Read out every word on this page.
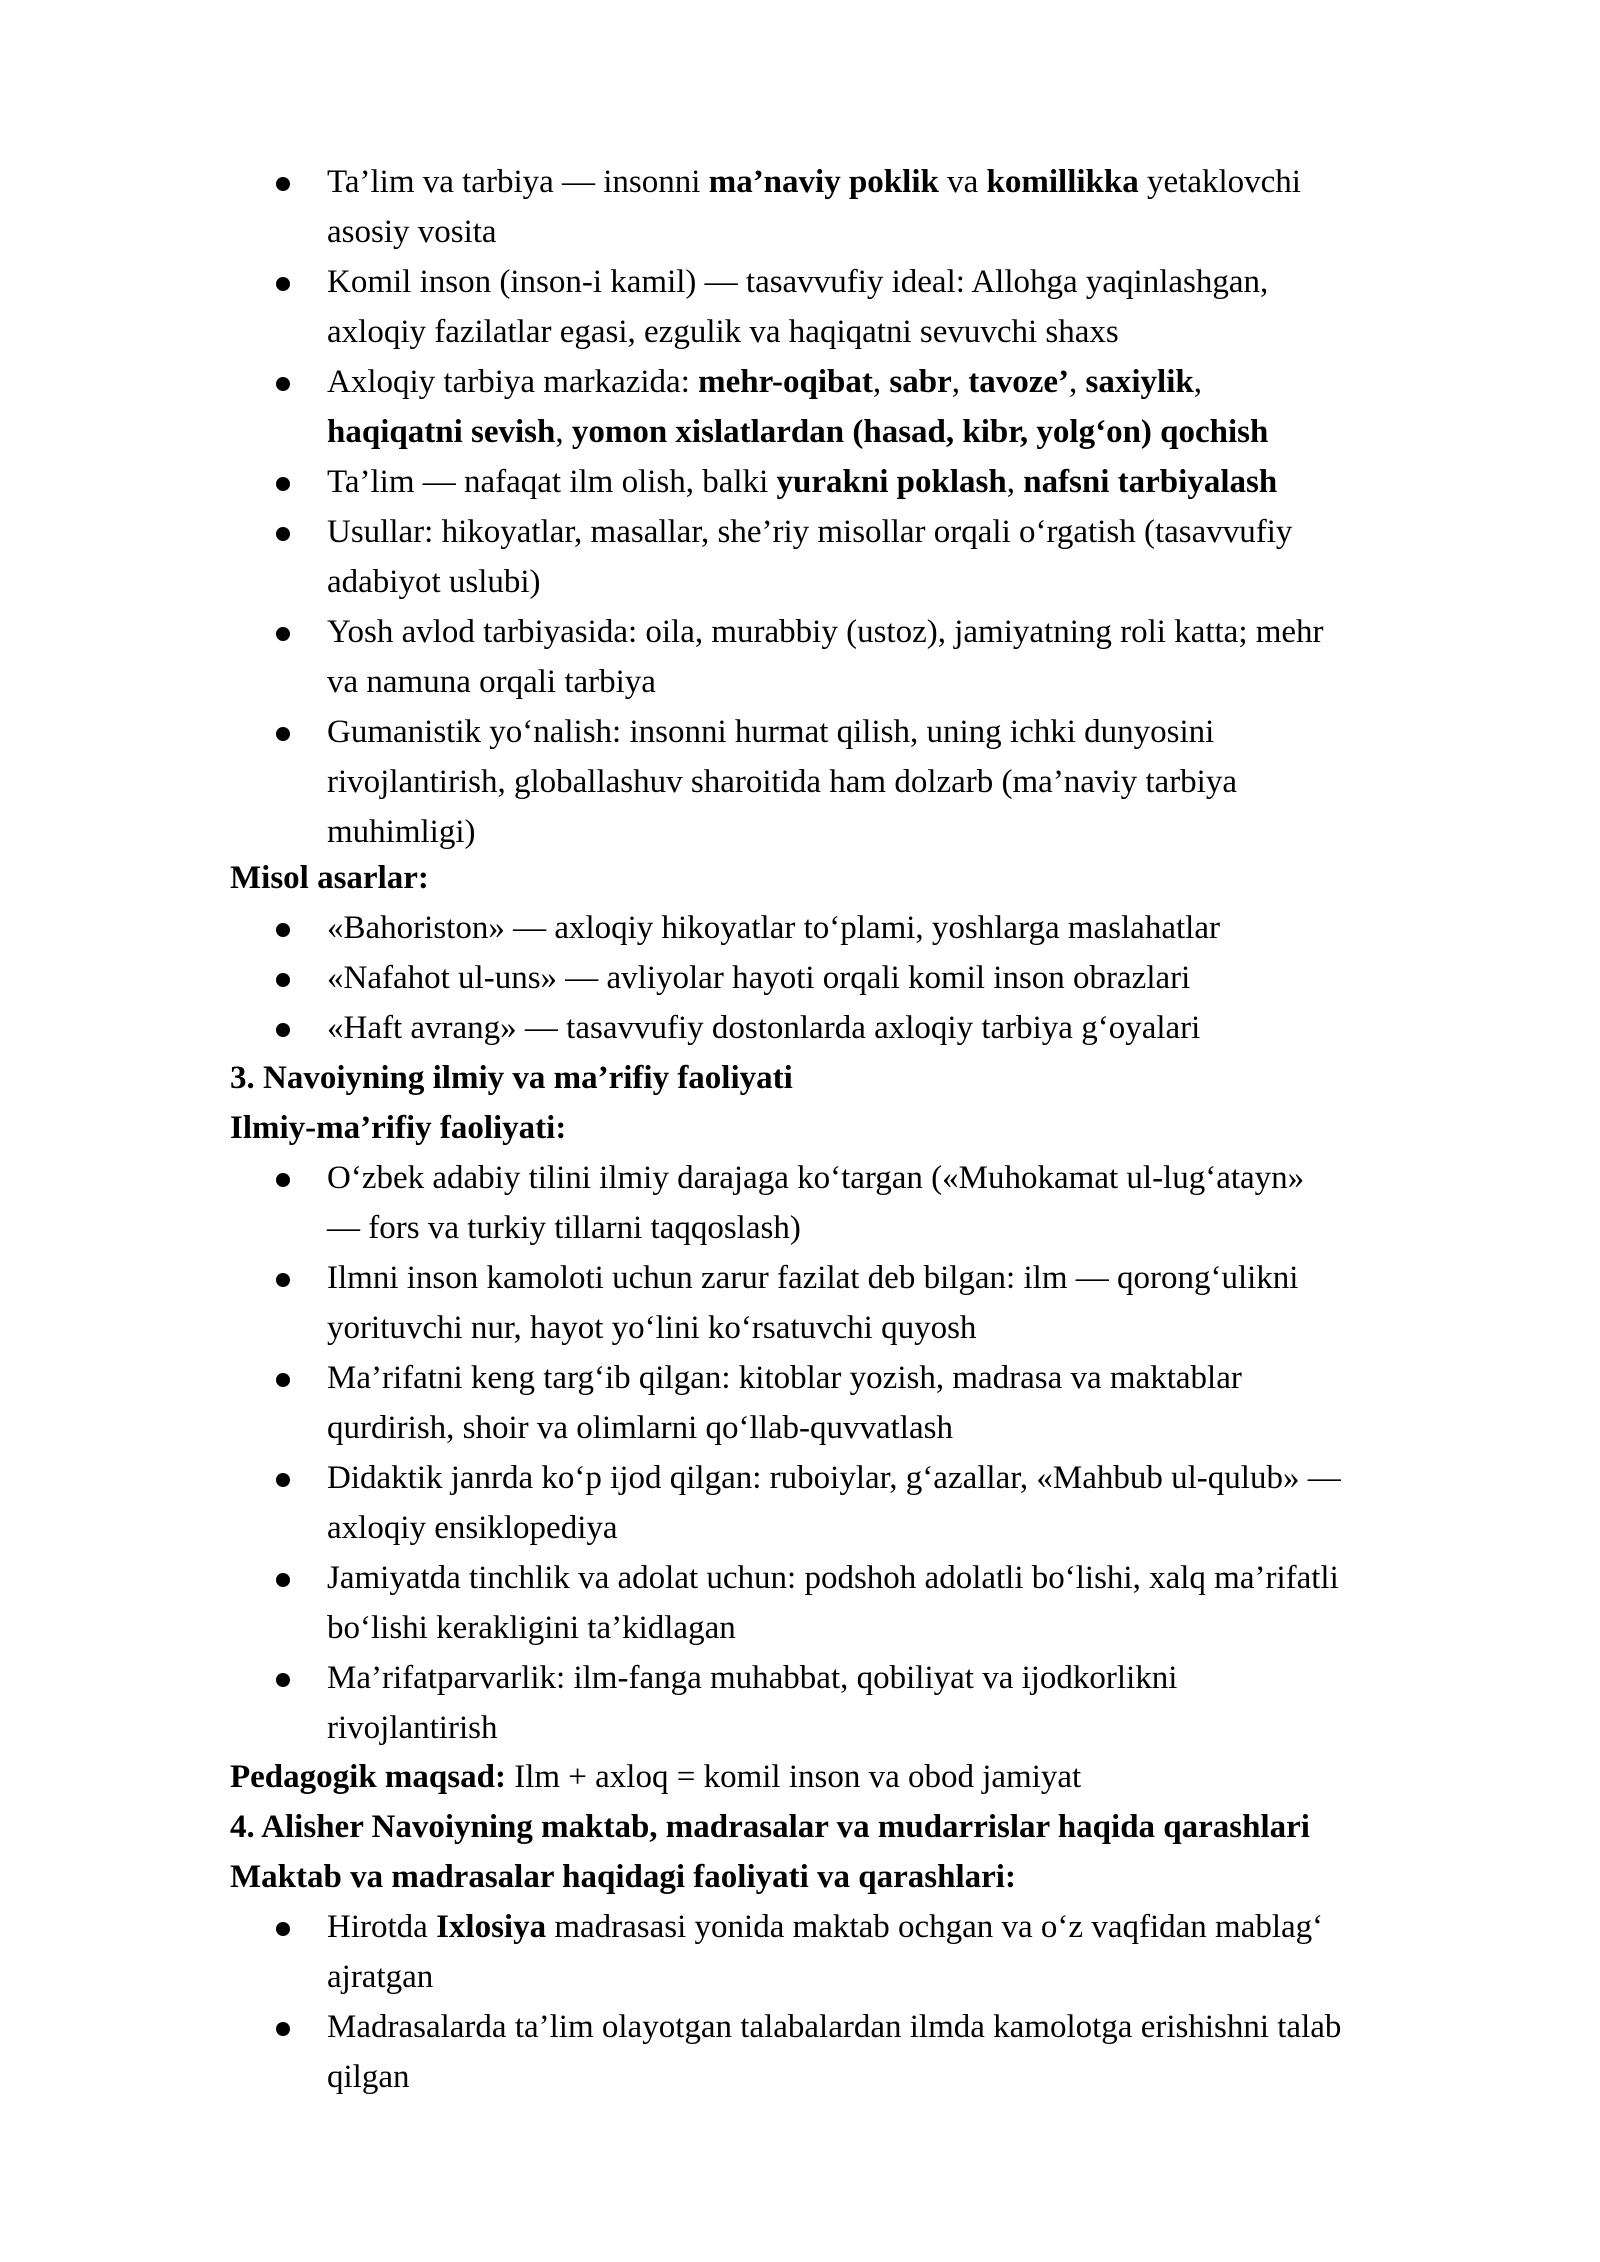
Ta’lim va tarbiya — insonni ma’naviy poklik va komillikka yetaklovchi
asosiy vosita
Komil inson (inson-i kamil) — tasavvufiy ideal: Allohga yaqinlashgan,
axloqiy fazilatlar egasi, ezgulik va haqiqatni sevuvchi shaxs
Axloqiy tarbiya markazida: mehr-oqibat, sabr, tavoze’, saxiylik,
haqiqatni sevish, yomon xislatlardan (hasad, kibr, yolg‘on) qochish
Ta’lim — nafaqat ilm olish, balki yurakni poklash, nafsni tarbiyalash
Usullar: hikoyatlar, masallar, she’riy misollar orqali o‘rgatish (tasavvufiy
adabiyot uslubi)
Yosh avlod tarbiyasida: oila, murabbiy (ustoz), jamiyatning roli katta; mehr
va namuna orqali tarbiya
Gumanistik yo‘nalish: insonni hurmat qilish, uning ichki dunyosini
rivojlantirish, globallashuv sharoitida ham dolzarb (ma’naviy tarbiya
muhimligi)
Misol asarlar:
«Bahoriston» — axloqiy hikoyatlar to‘plami, yoshlarga maslahatlar
«Nafahot ul-uns» — avliyolar hayoti orqali komil inson obrazlari
«Haft avrang» — tasavvufiy dostonlarda axloqiy tarbiya g‘oyalari
3. Navoiyning ilmiy va ma’rifiy faoliyati
Ilmiy-ma’rifiy faoliyati:
O‘zbek adabiy tilini ilmiy darajaga ko‘targan («Muhokamat ul-lug‘atayn»
— fors va turkiy tillarni taqqoslash)
Ilmni inson kamoloti uchun zarur fazilat deb bilgan: ilm — qorong‘ulikni
yorituvchi nur, hayot yo‘lini ko‘rsatuvchi quyosh
Ma’rifatni keng targ‘ib qilgan: kitoblar yozish, madrasa va maktablar
qurdirish, shoir va olimlarni qo‘llab-quvvatlash
Didaktik janrda ko‘p ijod qilgan: ruboiylar, g‘azallar, «Mahbub ul-qulub» —
axloqiy ensiklopediya
Jamiyatda tinchlik va adolat uchun: podshoh adolatli bo‘lishi, xalq ma’rifatli
bo‘lishi kerakligini ta’kidlagan
Ma’rifatparvarlik: ilm-fanga muhabbat, qobiliyat va ijodkorlikni
rivojlantirish
Pedagogik maqsad: Ilm + axloq = komil inson va obod jamiyat
4. Alisher Navoiyning maktab, madrasalar va mudarrislar haqida qarashlari
Maktab va madrasalar haqidagi faoliyati va qarashlari:
Hirotda Ixlosiya madrasasi yonida maktab ochgan va o‘z vaqfidan mablag‘
ajratgan
Madrasalarda ta’lim olayotgan talabalardan ilmda kamolotga erishishni talab
qilgan
